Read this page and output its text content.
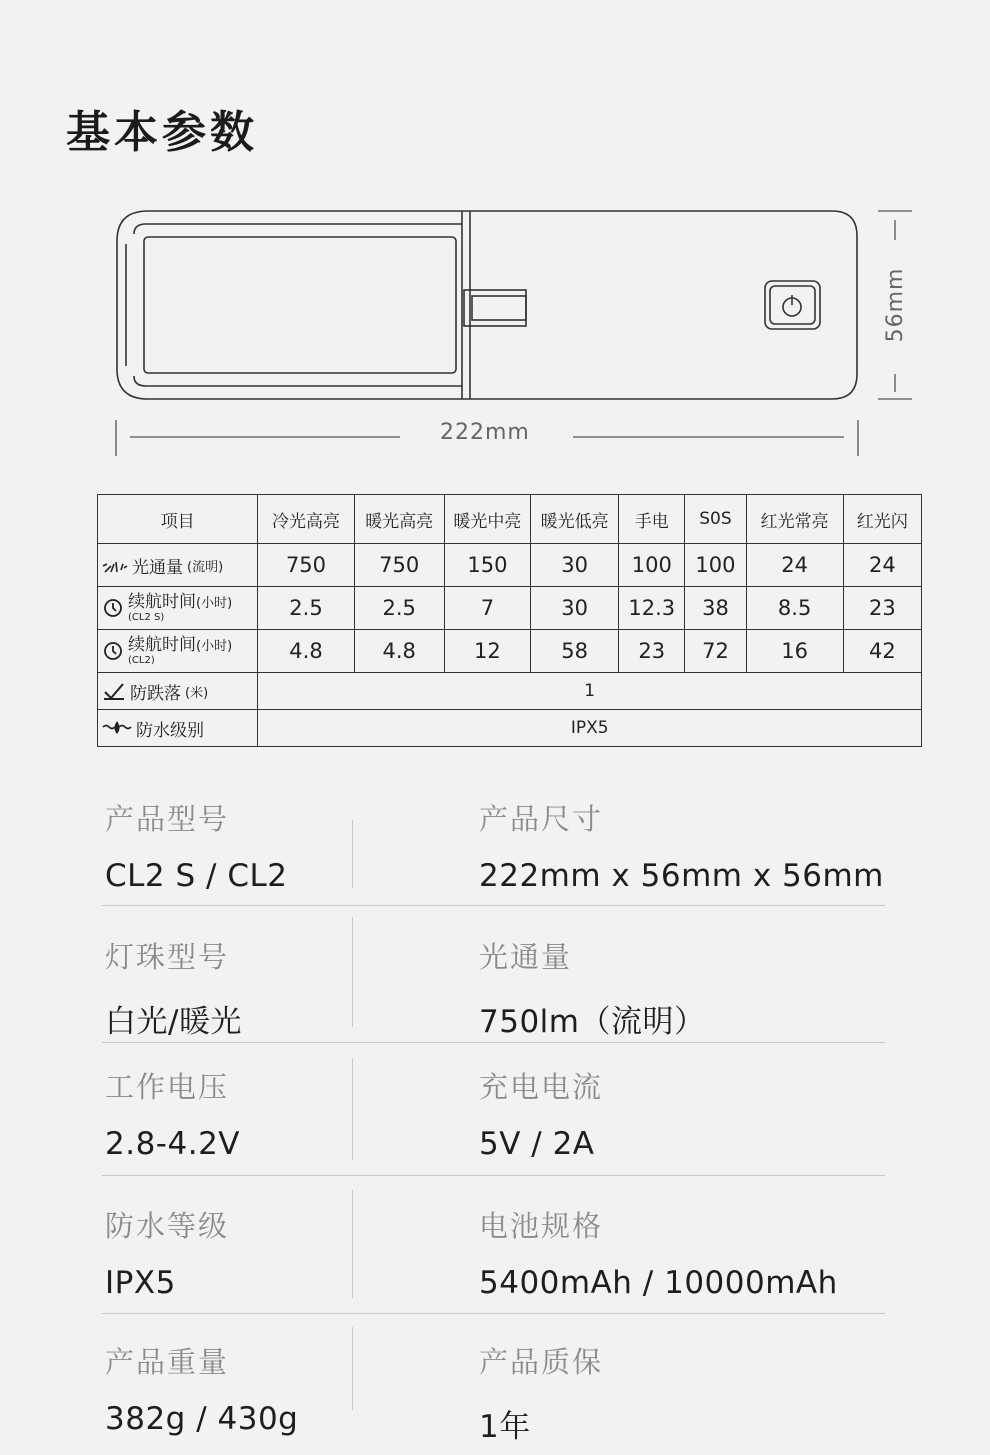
基本参数
222mm
56mm
项目	冷光高亮	暖光高亮	暖光中亮	暖光低亮	手电	S0S	红光常亮	红光闪

光通量 (流明)	750	750	150	30	100	100	24	24

续航时间(小时)
(CL2 S)	2.5	2.5	7	30	12.3	38	8.5	23

续航时间(小时)
(CL2)	4.8	4.8	12	58	23	72	16	42

防跌落 (米)	1							

防水级别	IPX5							
产品型号
CL2 S / CL2
产品尺寸
222mm x 56mm x 56mm
灯珠型号
白光/暖光
光通量
750lm（流明）
工作电压
2.8-4.2V
充电电流
5V / 2A
防水等级
IPX5
电池规格
5400mAh / 10000mAh
产品重量
382g / 430g
产品质保
1年
